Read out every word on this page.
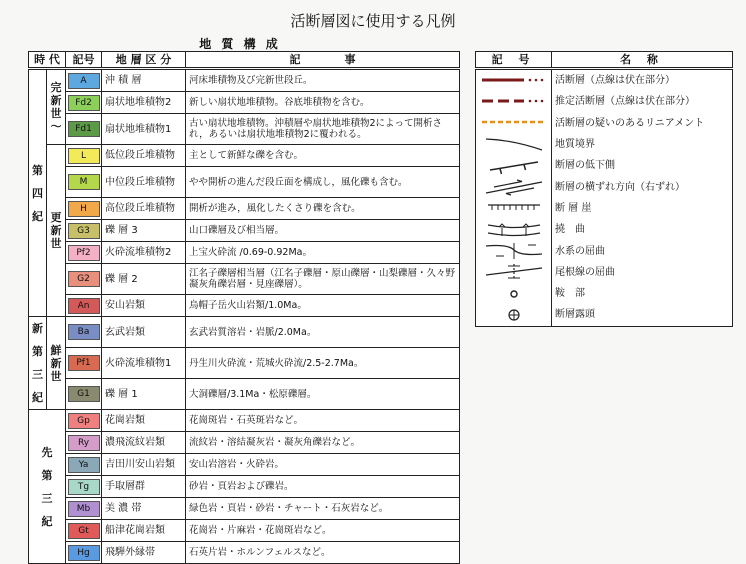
活断層図に使用する凡例
地 質 構 成
時 代		記号	地 層 区 分	記　　　　事
第
四
紀	完
新
世
〜	A	沖 積 層	河床堆積物及び完新世段丘。
		Fd2	扇状地堆積物2	新しい扇状地堆積物。谷底堆積物を含む。
		Fd1	扇状地堆積物1	古い扇状地堆積物。沖積層や扇状地堆積物2によって開析され，あるいは扇状地堆積物2に覆われる。
	更
新
世	L	低位段丘堆積物	主として新鮮な礫を含む。
		M	中位段丘堆積物	やや開析の進んだ段丘面を構成し，風化礫も含む。
		H	高位段丘堆積物	開析が進み，風化したくさり礫を含む。
		G3	礫 層 3	山口礫層及び相当層。
		Pf2	火砕流堆積物2	上宝火砕流 /0.69-0.92Ma。
		G2	礫 層 2	江名子礫層相当層（江名子礫層・原山礫層・山梨礫層・久々野凝灰角礫岩層・見座礫層）。
		An	安山岩類	烏帽子岳火山岩類/1.0Ma。
新
第
三
紀	鮮
新
世	Ba	玄武岩類	玄武岩質溶岩・岩脈/2.0Ma。
		Pf1	火砕流堆積物1	丹生川火砕流・荒城火砕流/2.5-2.7Ma。
		G1	礫 層 1	大洞礫層/3.1Ma・松原礫層。
先
第
三
紀		Gp	花崗岩類	花崗斑岩・石英斑岩など。
		Ry	濃飛流紋岩類	流紋岩・溶結凝灰岩・凝灰角礫岩など。
		Ya	吉田川安山岩類	安山岩溶岩・火砕岩。
		Tg	手取層群	砂岩・頁岩および礫岩。
		Mb	美 濃 帯	緑色岩・頁岩・砂岩・チャート・石灰岩など。
		Gt	船津花崗岩類	花崗岩・片麻岩・花崗斑岩など。
		Hg	飛騨外縁帯	石英片岩・ホルンフェルスなど。
記 号	名 称

	活断層（点線は伏在部分）

	推定活断層（点線は伏在部分）

	活断層の疑いのあるリニアメント

	地質境界

	断層の低下側

	断層の横ずれ方向（右ずれ）

	断 層 崖

	撓　曲

	水系の屈曲

	尾根線の屈曲

	鞍　部

	断層露頭
